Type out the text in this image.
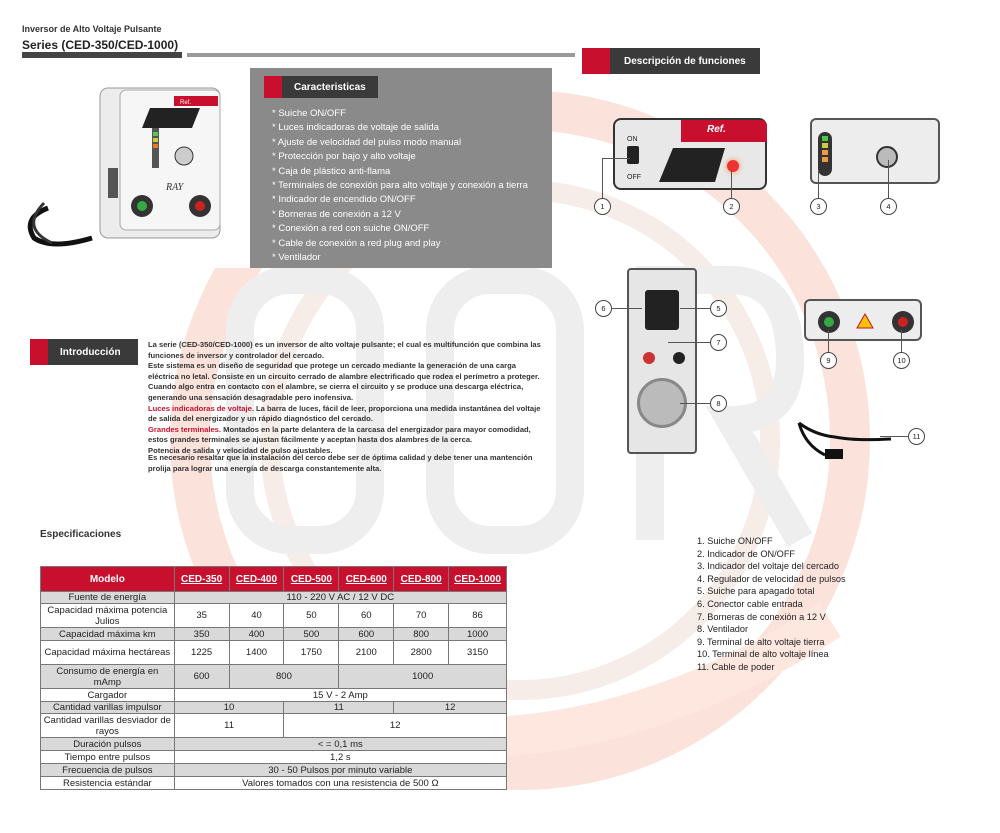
Inversor de Alto Voltaje Pulsante
Series (CED-350/CED-1000)
Ref.
RAY
Caracteristicas
* Suiche ON/OFF
* Luces indicadoras de voltaje de salida
* Ajuste de velocidad del pulso modo manual
* Protección por bajo y alto voltaje
* Caja de plástico anti-flama
* Terminales de conexión para alto voltaje y conexión a tierra
* Indicador de encendido ON/OFF
* Borneras de conexión a 12 V
* Conexión a red con suiche ON/OFF
* Cable de conexión a red plug and play
* Ventilador
Descripción de funciones
ON
OFF
Ref.
1	2	3	4
5
6
7
8
9	10
11
Introducción
La serie (CED-350/CED-1000) es un inversor de alto voltaje pulsante; el cual es multifunción que combina las funciones de inversor y controlador del cercado.
Este sistema es un diseño de seguridad que protege un cercado mediante la generación de una carga eléctrica no letal. Consiste en un circuito cerrado de alambre electrificado que rodea el perímetro a proteger. Cuando algo entra en contacto con el alambre, se cierra el circuito y se produce una descarga eléctrica, generando una sensación desagradable pero inofensiva.
Luces indicadoras de voltaje. La barra de luces, fácil de leer, proporciona una medida instantánea del voltaje de salida del energizador y un rápido diagnóstico del cercado.
Grandes terminales. Montados en la parte delantera de la carcasa del energizador para mayor comodidad, estos grandes terminales se ajustan fácilmente y aceptan hasta dos alambres de la cerca.
Potencia de salida y velocidad de pulso ajustables.
Es necesario resaltar que la instalación del cerco debe ser de óptima calidad y debe tener una mantención prolija para lograr una energía de descarga constantemente alta.
1. Suiche ON/OFF
2. Indicador de ON/OFF
3. Indicador del voltaje del cercado
4. Regulador de velocidad de pulsos
5. Suiche para apagado total
6. Conector cable entrada
7. Borneras de conexión a 12 V
8. Ventilador
9. Terminal de alto voltaje tierra
10. Terminal de alto voltaje línea
11. Cable de poder
Especificaciones
Modelo	CED-350	CED-400	CED-500	CED-600	CED-800	CED-1000
Fuente de energía	110 - 220 V AC / 12 V DC					
Capacidad máxima potencia Julios	35	40	50	60	70	86
Capacidad máxima km	350	400	500	600	800	1000
Capacidad máxima hectáreas	1225	1400	1750	2100	2800	3150
Consumo de energía en mAmp	600	800		1000		
Cargador	15 V - 2 Amp					
Cantidad varillas impulsor	10		11		12	
Cantidad varillas desviador de rayos	11		12			
Duración pulsos	< = 0,1 ms					
Tiempo entre pulsos	1,2 s					
Frecuencia de pulsos	30 - 50 Pulsos por minuto variable					
Resistencia estándar	Valores tomados con una resistencia de 500 Ω					
